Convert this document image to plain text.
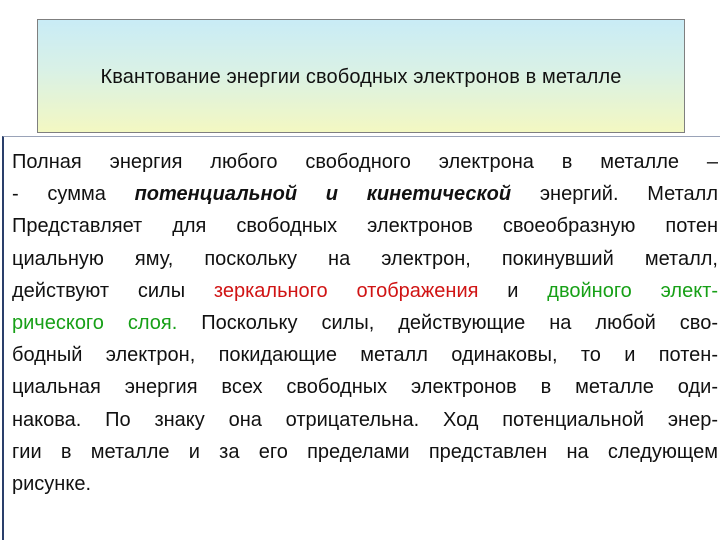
Квантование энергии свободных электронов в металле
Полная энергия любого свободного электрона в металле –
- сумма потенциальной и кинетической энергий. Металл
Представляет для свободных электронов своеобразную потен
циальную яму, поскольку на электрон, покинувший металл,
действуют силы зеркального отображения и двойного элект-
рического слоя. Поскольку силы, действующие на любой сво-
бодный электрон, покидающие металл одинаковы, то и потен-
циальная энергия всех свободных электронов в металле оди-
накова. По знаку она отрицательна. Ход потенциальной энер-
гии в металле и за его пределами представлен на следующем
рисунке.
